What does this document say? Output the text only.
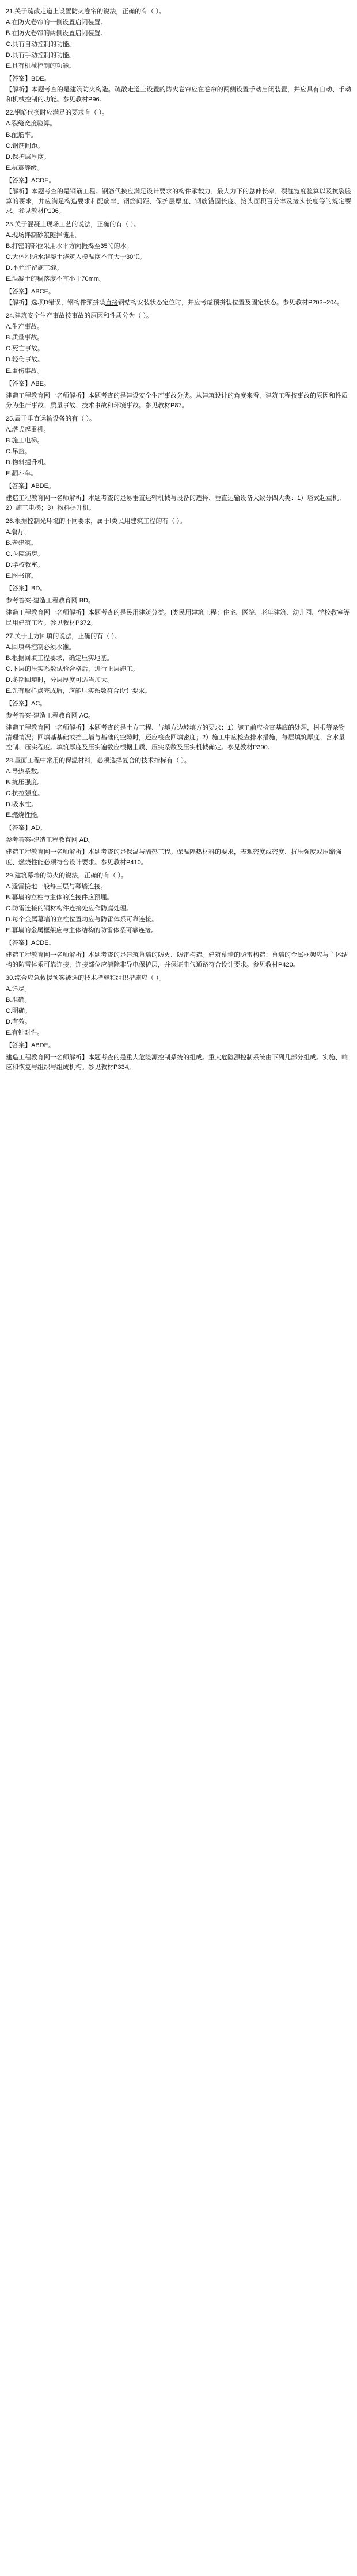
21.关于疏散走道上设置防火卷帘的说法，正确的有（ ）。

A.在防火卷帘的一侧设置启闭装置。

B.在防火卷帘的两侧设置启闭装置。

C.具有自动控制的功能。

D.具有手动控制的功能。

E.具有机械控制的功能。

【答案】BDE。

【解析】本题考查的是建筑防火构造。疏散走道上设置的防火卷帘应在卷帘的两侧设置手动启闭装置，并应具有自动、手动和机械控制的功能。参见教材P96。

22.钢筋代换时应满足的要求有（ ）。

A.裂缝宽度验算。

B.配筋率。

C.钢筋间距。

D.保护层厚度。

E.抗震等级。

【答案】ACDE。

【解析】本题考查的是钢筋工程。钢筋代换应满足设计要求的构件承载力、最大力下的总伸长率、裂缝宽度验算以及抗裂验算的要求，并应满足构造要求和配筋率、钢筋间距、保护层厚度、钢筋锚固长度、接头面积百分率及接头长度等的规定要求。参见教材P106。

23.关于混凝土现场工艺的说法，正确的有（ ）。

A.现场拌制砂浆随拌随用。

B.打密的部位采用水平方向振捣至35℃的水。

C.大体积防水混凝土浇筑入模温度不宜大于30℃。

D.不允许留施工缝。

E.混凝土的稠落度不宜小于70mm。

【答案】ABCE。

【解析】选项D错误，钢构件预拼装直接钢结构安装状态定位时，并应考虑预拼装位置及固定状态。参见教材P203~204。

24.建筑安全生产事故按事故的原因和性质分为（ ）。

A.生产事故。

B.质量事故。

C.死亡事故。

D.轻伤事故。

E.重伤事故。

【答案】ABE。

建造工程教育网一名师解析】本题考查的是建设安全生产事故分类。从建筑设计的角度来看，建筑工程按事故的原因和性质分为生产事故、质量事故、技术事故和环境事故。参见教材P87。

25.属于垂直运输设备的有（ ）。

A.塔式起重机。

B.施工电梯。

C.吊篮。

D.物料提升机。

E.翻斗车。

【答案】ABDE。

建造工程教育网一名师解析】本题考查的是易垂直运输机械与设备的选择、垂直运输设备大致分四大类：1）塔式起重机；2）施工电梯；3）物料提升机。

26.根据控制光环境的不同要求，属于Ⅰ类民用建筑工程的有（ ）。

A.餐厅。

B.老建筑。

C.医院病房。

D.学校教室。

E.图书馆。

【答案】BD。

参考答案-建造工程教育网 BD。

建造工程教育网一名师解析】本题考查的是民用建筑分类。Ⅰ类民用建筑工程：住宅、医院、老年建筑、幼儿园、学校教室等民用建筑工程。参见教材P372。

27.关于土方回填的说法，正确的有（ ）。

A.回填料控制必须水准。

B.根据回填工程要求，确定压实地基。

C.下层的压实系数试验合格后，进行上层施工。

D.冬期回填时，分层厚度可适当加大。

E.先有取样点完成后，应能压实系数符合设计要求。

【答案】AC。

参考答案-建造工程教育网 AC。

建造工程教育网一名师解析】本题考查的是土方工程、与填方边坡填方的要求：1）施工前应检查基底的处理，树根等杂物清理情况；回填基基础或挡土墙与基础的空隙时，还应检查回填密度；2）施工中应检查排水措施，每层填筑厚度、含水量控制、压实程度。填筑厚度及压实遍数应根据土质、压实系数及压实机械确定。参见教材P390。

28.屋面工程中常用的保温材料，必须选择复合的技术指标有（ ）。

A.导热系数。

B.抗压强度。

C.抗拉强度。

D.吸水性。

E.燃烧性能。

【答案】AD。

参考答案-建造工程教育网 AD。

建造工程教育网一名师解析】本题考查的是保温与隔热工程。保温隔热材料的要求，表观密度或密度、抗压强度或压缩强度、燃烧性能必须符合设计要求。参见教材P410。

29.建筑幕墙的防火的说法，正确的有（ ）。

A.避雷接地一般每三层与幕墙连接。

B.幕墙的立柱与主体的连接件应预埋。

C.防雷连接的钢材构件连接处应作防腐处理。

D.每个金属幕墙的立柱位置均应与防雷体系可靠连接。

E.幕墙的金属框架应与主体结构的防雷体系可靠连接。

【答案】ACDE。

建造工程教育网一名师解析】本题考查的是建筑幕墙的防火、防雷构造。建筑幕墙的防雷构造：幕墙的金属框架应与主体结构的防雷体系可靠连接，连接部位应清除非导电保护层，并保证电气通路符合设计要求。参见教材P420。

30.综合应急救援预案被选的技术措施和组织措施应（ ）。

A.详尽。

B.准确。

C.明确。

D.有效。

E.有针对性。

【答案】ABDE。

建造工程教育网一名师解析】本题考查的是重大危险源控制系统的组成。重大危险源控制系统由下列几部分组成。实施、响应和恢复与组织与组成机构。参见教材P334。
